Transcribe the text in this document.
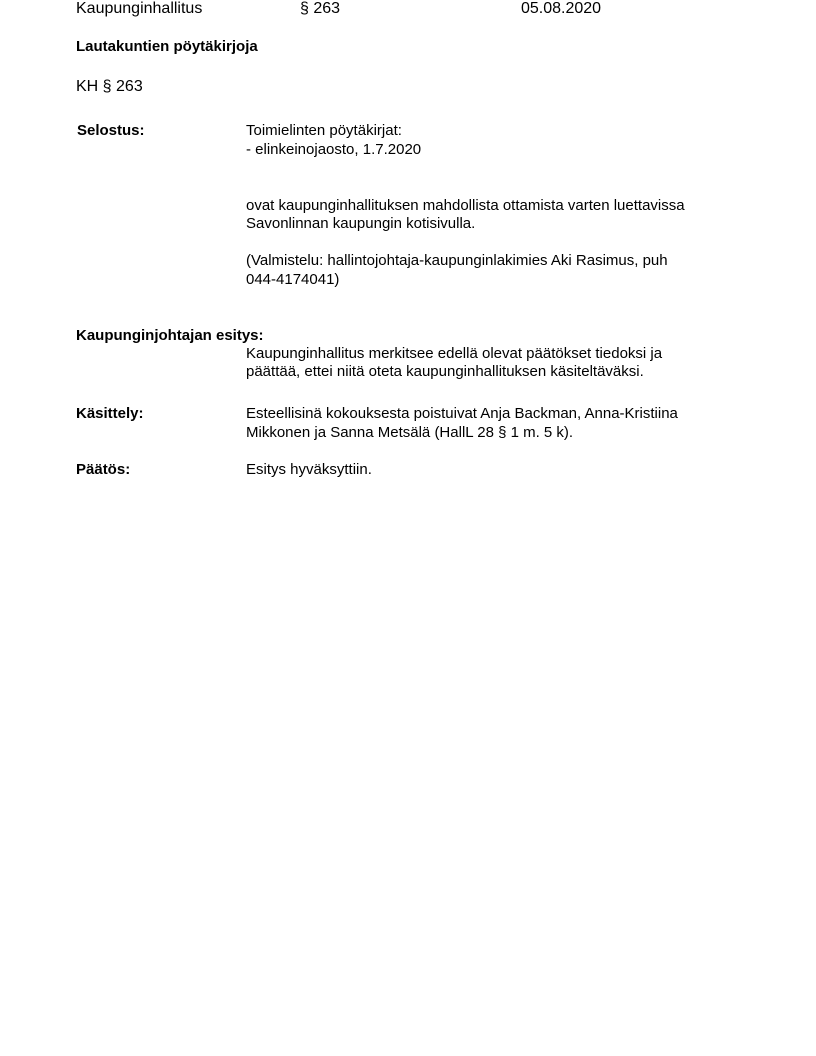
Kaupunginhallitus	§ 263	05.08.2020
Lautakuntien pöytäkirjoja
KH § 263
Selostus:	Toimielinten pöytäkirjat:
- elinkeinojaosto, 1.7.2020
ovat kaupunginhallituksen mahdollista ottamista varten luettavissa
Savonlinnan kaupungin kotisivulla.
(Valmistelu: hallintojohtaja-kaupunginlakimies Aki Rasimus, puh
044-4174041)
Kaupunginjohtajan esitys:
Kaupunginhallitus merkitsee edellä olevat päätökset tiedoksi ja
päättää, ettei niitä oteta kaupunginhallituksen käsiteltäväksi.
Käsittely:	Esteellisinä kokouksesta poistuivat Anja Backman, Anna-Kristiina
Mikkonen ja Sanna Metsälä (HallL 28 § 1 m. 5 k).
Päätös:	Esitys hyväksyttiin.
